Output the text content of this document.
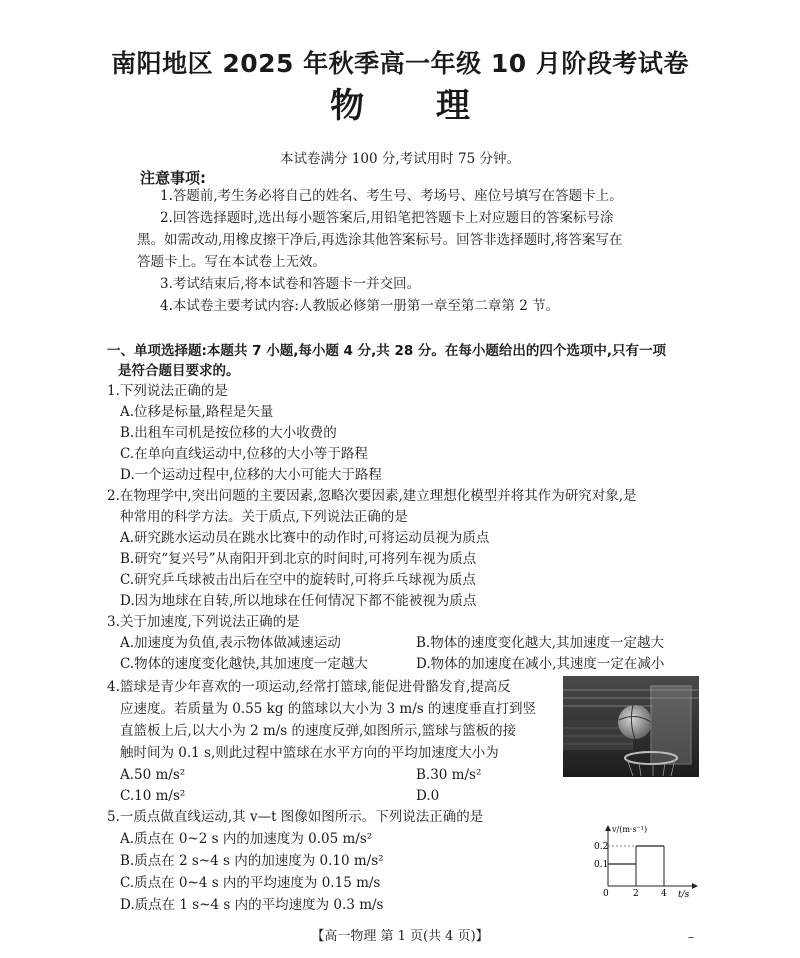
南阳地区 2025 年秋季高一年级 10 月阶段考试卷
物 理
本试卷满分 100 分,考试用时 75 分钟。
注意事项:
1.答题前,考生务必将自己的姓名、考生号、考场号、座位号填写在答题卡上。
2.回答选择题时,选出每小题答案后,用铅笔把答题卡上对应题目的答案标号涂
黑。如需改动,用橡皮擦干净后,再选涂其他答案标号。回答非选择题时,将答案写在
答题卡上。写在本试卷上无效。
3.考试结束后,将本试卷和答题卡一并交回。
4.本试卷主要考试内容:人教版必修第一册第一章至第二章第 2 节。
一、单项选择题:本题共 7 小题,每小题 4 分,共 28 分。在每小题给出的四个选项中,只有一项
是符合题目要求的。
1.下列说法正确的是
A.位移是标量,路程是矢量
B.出租车司机是按位移的大小收费的
C.在单向直线运动中,位移的大小等于路程
D.一个运动过程中,位移的大小可能大于路程
2.在物理学中,突出问题的主要因素,忽略次要因素,建立理想化模型并将其作为研究对象,是
种常用的科学方法。关于质点,下列说法正确的是
A.研究跳水运动员在跳水比赛中的动作时,可将运动员视为质点
B.研究“复兴号”从南阳开到北京的时间时,可将列车视为质点
C.研究乒乓球被击出后在空中的旋转时,可将乒乓球视为质点
D.因为地球在自转,所以地球在任何情况下都不能被视为质点
3.关于加速度,下列说法正确的是
A.加速度为负值,表示物体做减速运动	B.物体的速度变化越大,其加速度一定越大
C.物体的速度变化越快,其加速度一定越大	D.物体的加速度在减小,其速度一定在减小
4.篮球是青少年喜欢的一项运动,经常打篮球,能促进骨骼发育,提高反
应速度。若质量为 0.55 kg 的篮球以大小为 3 m/s 的速度垂直打到竖
直篮板上后,以大小为 2 m/s 的速度反弹,如图所示,篮球与篮板的接
触时间为 0.1 s,则此过程中篮球在水平方向的平均加速度大小为
A.50 m/s²	B.30 m/s²
C.10 m/s²	D.0
5.一质点做直线运动,其 v—t 图像如图所示。下列说法正确的是
A.质点在 0~2 s 内的加速度为 0.05 m/s²
B.质点在 2 s~4 s 内的加速度为 0.10 m/s²
C.质点在 0~4 s 内的平均速度为 0.15 m/s
D.质点在 1 s~4 s 内的平均速度为 0.3 m/s
v/(m·s⁻¹)
0.2
0.1
0	2 4 t/s
【高一物理 第 1 页(共 4 页)】	–
